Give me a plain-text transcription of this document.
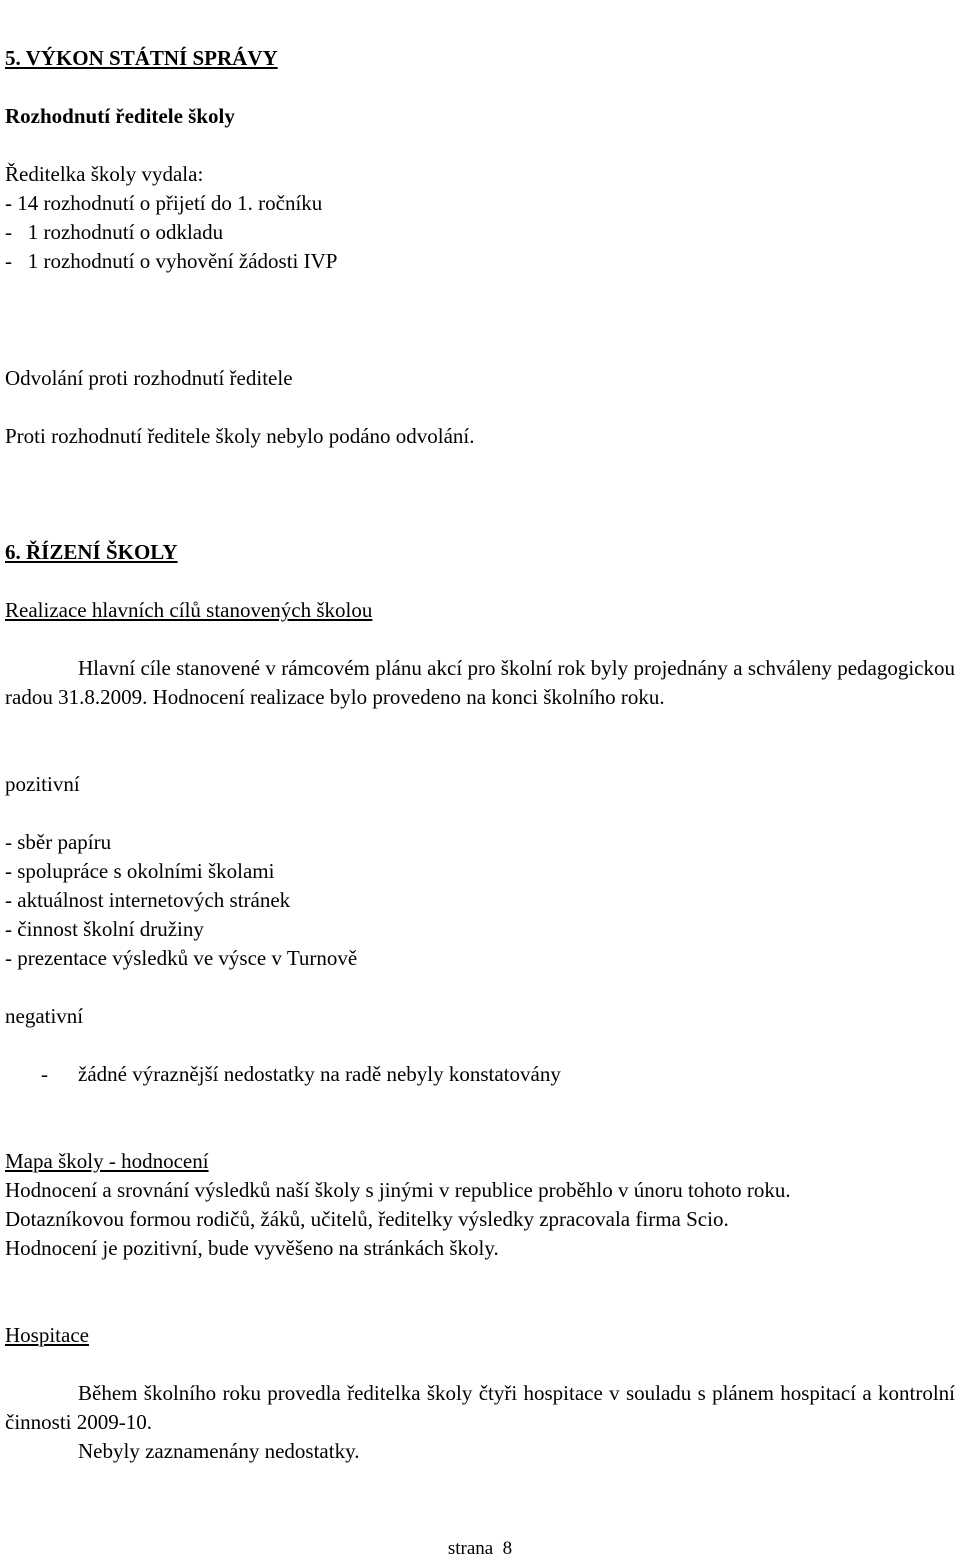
5. VÝKON STÁTNÍ SPRÁVY

Rozhodnutí ředitele školy

Ředitelka školy vydala:

- 14 rozhodnutí o přijetí do 1. ročníku
-   1 rozhodnutí o odkladu
-   1 rozhodnutí o vyhovění žádosti IVP

Odvolání proti rozhodnutí ředitele

Proti rozhodnutí ředitele školy nebylo podáno odvolání.

6. ŘÍZENÍ ŠKOLY

Realizace hlavních cílů stanovených školou

Hlavní cíle stanovené v rámcovém plánu akcí pro školní rok byly projednány a schváleny pedagogickou radou 31.8.2009. Hodnocení realizace bylo provedeno na konci školního roku.

pozitivní

- sběr papíru
- spolupráce s okolními školami
- aktuálnost internetových stránek
- činnost školní družiny
- prezentace výsledků ve výsce v Turnově

negativní

- žádné výraznější nedostatky na radě nebyly konstatovány

Mapa školy - hodnocení

Hodnocení a srovnání výsledků naší školy s jinými v republice proběhlo v únoru tohoto roku.
Dotazníkovou formou rodičů, žáků, učitelů, ředitelky výsledky zpracovala firma Scio.
Hodnocení je pozitivní, bude vyvěšeno na stránkách školy.

Hospitace

Během školního roku provedla ředitelka školy čtyři hospitace v souladu s plánem hospitací a kontrolní činnosti 2009-10.

Nebyly zaznamenány nedostatky.

strana  8
